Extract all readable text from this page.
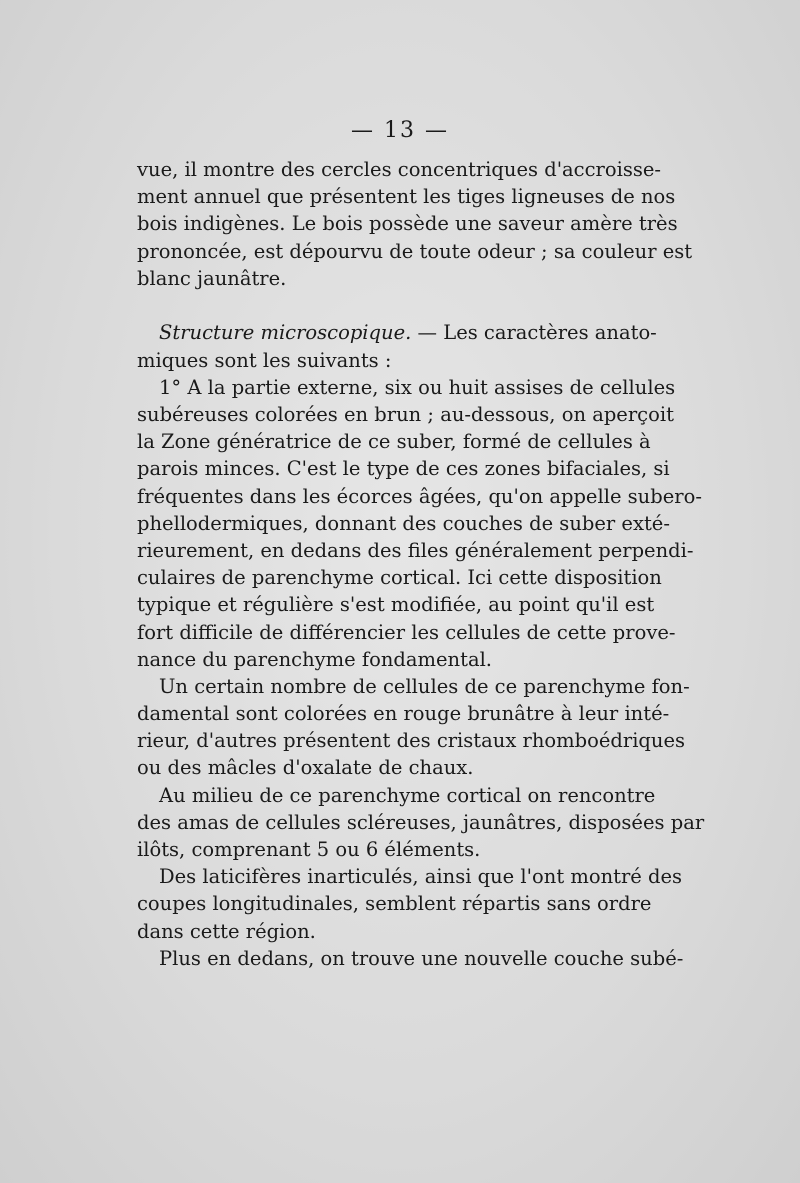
— 13 —
vue, il montre des cercles concentriques d'accroisse-
ment annuel que présentent les tiges ligneuses de nos
bois indigènes. Le bois possède une saveur amère très
prononcée, est dépourvu de toute odeur ; sa couleur est
blanc jaunâtre.
Structure microscopique. — Les caractères anato-
miques sont les suivants :
1° A la partie externe, six ou huit assises de cellules
subéreuses colorées en brun ; au-dessous, on aperçoit
la Zone génératrice de ce suber, formé de cellules à
parois minces. C'est le type de ces zones bifaciales, si
fréquentes dans les écorces âgées, qu'on appelle subero-
phellodermiques, donnant des couches de suber exté-
rieurement, en dedans des files généralement perpendi-
culaires de parenchyme cortical. Ici cette disposition
typique et régulière s'est modifiée, au point qu'il est
fort difficile de différencier les cellules de cette prove-
nance du parenchyme fondamental.
Un certain nombre de cellules de ce parenchyme fon-
damental sont colorées en rouge brunâtre à leur inté-
rieur, d'autres présentent des cristaux rhomboédriques
ou des mâcles d'oxalate de chaux.
Au milieu de ce parenchyme cortical on rencontre
des amas de cellules scléreuses, jaunâtres, disposées par
ilôts, comprenant 5 ou 6 éléments.
Des laticifères inarticulés, ainsi que l'ont montré des
coupes longitudinales, semblent répartis sans ordre
dans cette région.
Plus en dedans, on trouve une nouvelle couche subé-
